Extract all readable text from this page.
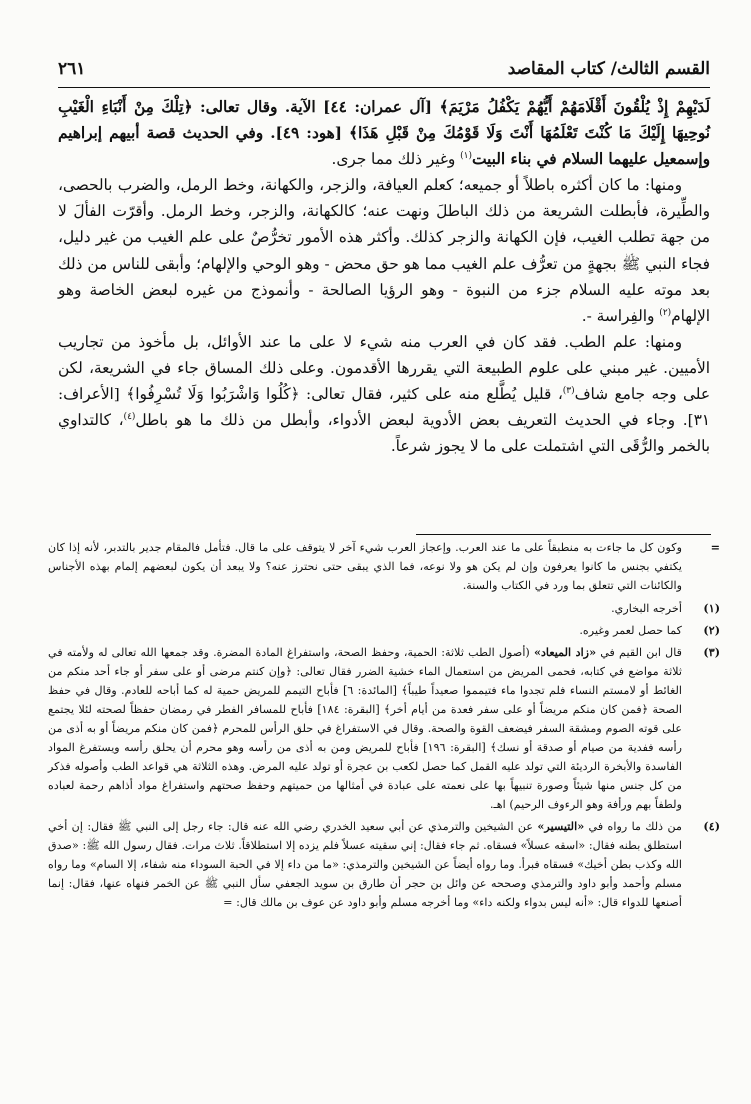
القسم الثالث/ كتاب المقاصد
٢٦١

لَدَيْهِمْ إِذْ يُلْقُونَ أَقْلَامَهُمْ أَيُّهُمْ يَكْفُلُ مَرْيَمَ﴾ [آل عمران: ٤٤] الآية. وقال تعالى: ﴿تِلْكَ مِنْ أَنْبَاءِ الْغَيْبِ نُوحِيهَا إِلَيْكَ مَا كُنْتَ تَعْلَمُهَا أَنْتَ وَلَا قَوْمُكَ مِنْ قَبْلِ هَذَا﴾ [هود: ٤٩]. وفي الحديث قصة أبيهم إبراهيم وإسمعيل عليهما السلام في بناء البيت$^{(١)}$ وغير ذلك مما جرى.

ومنها: ما كان أكثره باطلاً أو جميعه؛ كعلم العيافة، والزجر، والكهانة، وخط الرمل، والضرب بالحصى، والطِّيرة، فأبطلت الشريعة من ذلك الباطلَ ونهت عنه؛ كالكهانة، والزجر، وخط الرمل. وأقرّت الفألَ لا من جهة تطلب الغيب، فإن الكهانة والزجر كذلك. وأكثر هذه الأمور تخرُّصٌ على علم الغيب من غير دليل، فجاء النبي ﷺ بجهةٍ من تعرُّف علم الغيب مما هو حق محض - وهو الوحي والإلهام؛ وأبقى للناس من ذلك بعد موته عليه السلام جزء من النبوة - وهو الرؤيا الصالحة - وأنموذج من غيره لبعض الخاصة وهو الإلهام$^{(٢)}$ والفِراسة -.

ومنها: علم الطب. فقد كان في العرب منه شيء لا على ما عند الأوائل، بل مأخوذ من تجاريب الأميين. غير مبني على علوم الطبيعة التي يقررها الأقدمون. وعلى ذلك المساق جاء في الشريعة، لكن على وجه جامع شاف$^{(٣)}$، قليل يُطَّلع منه على كثير، فقال تعالى: ﴿كُلُوا وَاشْرَبُوا وَلَا تُسْرِفُوا﴾ [الأعراف: ٣١]. وجاء في الحديث التعريف بعض الأدوية لبعض الأدواء، وأبطل من ذلك ما هو باطل$^{(٤)}$، كالتداوي بالخمر والرُّقَى التي اشتملت على ما لا يجوز شرعاً.

=
وكون كل ما جاءت به منطبقاً على ما عند العرب. وإعجاز العرب شيء آخر لا يتوقف على ما قال. فتأمل فالمقام جدير بالتدبر، لأنه إذا كان يكتفي بجنس ما كانوا يعرفون وإن لم يكن هو ولا نوعه، فما الذي يبقى حتى نحترز عنه؟ ولا يبعد أن يكون لبعضهم إلمام بهذه الأجناس والكائنات التي تتعلق بما ورد في الكتاب والسنة.
(١)
أخرجه البخاري.
(٢)
كما حصل لعمر وغيره.
(٣)
قال ابن القيم في «زاد الميعاد» (أصول الطب ثلاثة: الحمية، وحفظ الصحة، واستفراغ المادة المضرة. وقد جمعها الله تعالى له ولأمته في ثلاثة مواضع في كتابه، فحمى المريض من استعمال الماء خشية الضرر فقال تعالى: ﴿وإن كنتم مرضى أو على سفر أو جاء أحد منكم من الغائط أو لامستم النساء فلم تجدوا ماء فتيمموا صعيداً طيباً﴾ [المائدة: ٦] فأباح التيمم للمريض حمية له كما أباحه للعادم. وقال في حفظ الصحة ﴿فمن كان منكم مريضاً أو على سفر فعدة من أيام أخر﴾ [البقرة: ١٨٤] فأباح للمسافر الفطر في رمضان حفظاً لصحته لئلا يجتمع على قوته الصوم ومشقة السفر فيضعف القوة والصحة. وقال في الاستفراغ في حلق الرأس للمحرم ﴿فمن كان منكم مريضاً أو به أذى من رأسه ففدية من صيام أو صدقة أو نسك﴾ [البقرة: ١٩٦] فأباح للمريض ومن به أذى من رأسه وهو محرم أن يحلق رأسه ويستفرغ المواد الفاسدة والأبخرة الرديئة التي تولد عليه القمل كما حصل لكعب بن عجرة أو تولد عليه المرض. وهذه الثلاثة هي قواعد الطب وأصوله فذكر من كل جنس منها شيئاً وصورة تنبيهاً بها على نعمته على عبادة في أمثالها من حميتهم وحفظ صحتهم واستفراغ مواد أذاهم رحمة لعباده ولطفاً بهم ورأفة وهو الرءوف الرحيم) اهـ.
(٤)
من ذلك ما رواه في «التيسير» عن الشيخين والترمذي عن أبي سعيد الخدري رضي الله عنه قال: جاء رجل إلى النبي ﷺ فقال: إن أخي استطلق بطنه فقال: «اسقه عسلاً» فسقاه. ثم جاء فقال: إني سقيته عسلاً فلم يزده إلا استطلاقاً. ثلاث مرات. فقال رسول الله ﷺ: «صدق الله وكذب بطن أخيك» فسقاه فبرأ. وما رواه أيضاً عن الشيخين والترمذي: «ما من داء إلا في الحبة السوداء منه شفاء، إلا السام» وما رواه مسلم وأحمد وأبو داود والترمذي وصححه عن وائل بن حجر أن طارق بن سويد الجعفي سأل النبي ﷺ عن الخمر فنهاه عنها، فقال: إنما أصنعها للدواء قال: «أنه ليس بدواء ولكنه داء» وما أخرجه مسلم وأبو داود عن عوف بن مالك قال: =
